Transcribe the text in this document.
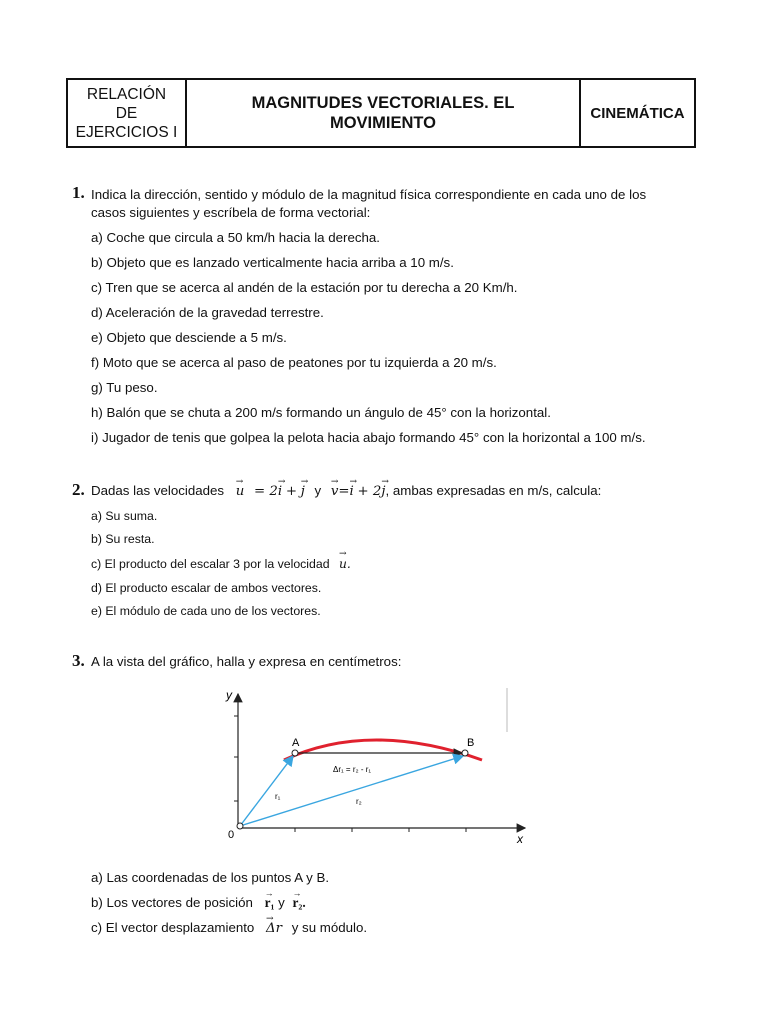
RELACIÓN
DE
EJERCICIOS I
MAGNITUDES VECTORIALES. EL MOVIMIENTO
CINEMÁTICA
1. Indica la dirección, sentido y módulo de la magnitud física correspondiente en cada uno de los
casos siguientes y escríbela de forma vectorial:
a) Coche que circula a 50 km/h hacia la derecha.
b) Objeto que es lanzado verticalmente hacia arriba a 10 m/s.
c) Tren que se acerca al andén de la estación por tu derecha a 20 Km/h.
d) Aceleración de la gravedad terrestre.
e) Objeto que desciende a 5 m/s.
f) Moto que se acerca al paso de peatones por tu izquierda a 20 m/s.
g) Tu peso.
h) Balón que se chuta a 200 m/s formando un ángulo de 45° con la horizontal.
i) Jugador de tenis que golpea la pelota hacia abajo formando 45° con la horizontal a 100 m/s.
2. Dadas las velocidades → u = 2→ i + → j y → v=→ i + 2→ j, ambas expresadas en m/s, calcula:
a) Su suma.
b) Su resta.
c) El producto del escalar 3 por la velocidad → u.
d) El producto escalar de ambos vectores.
e) El módulo de cada uno de los vectores.
3. A la vista del gráfico, halla y expresa en centímetros:
y
x
0
A	B
r₁
r₂
Δr₁ = r₂ - r₁
a) Las coordenadas de los puntos A y B.
b) Los vectores de posición → r₁ y → r₂.
c) El vector desplazamiento → Δr y su módulo.
